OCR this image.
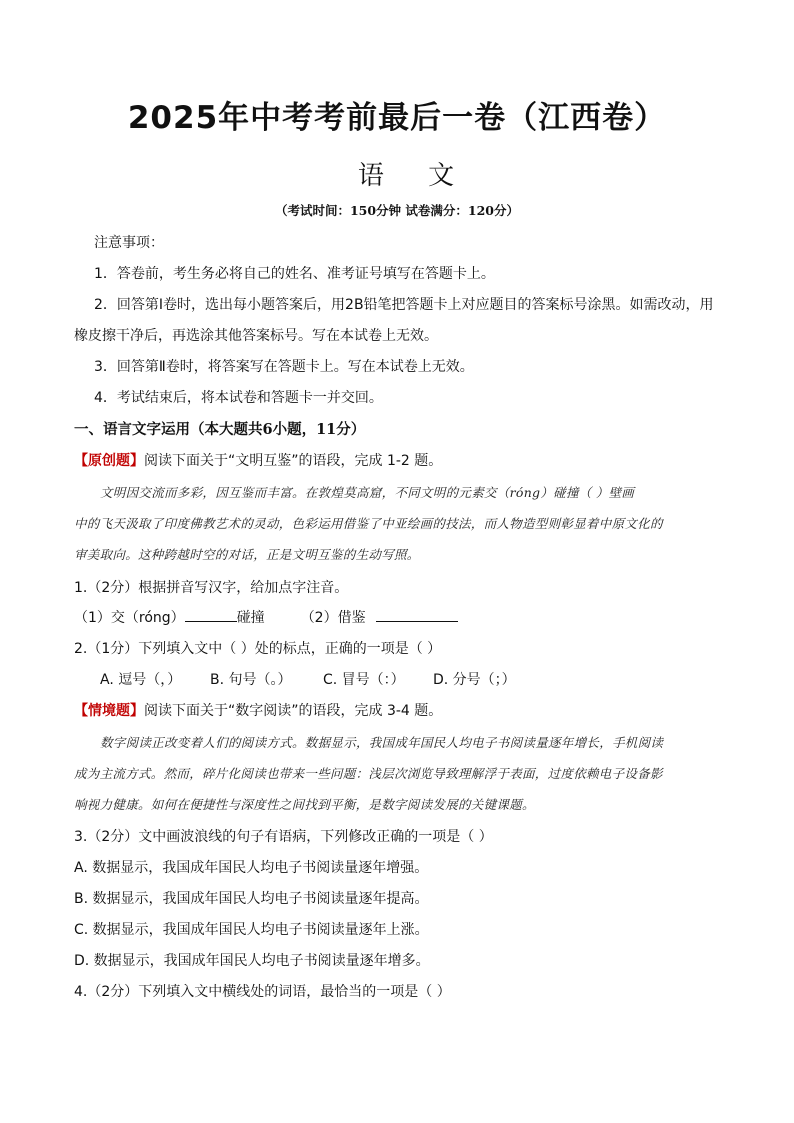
2025年中考考前最后一卷（江西卷）
语 文
（考试时间：150分钟 试卷满分：120分）
注意事项：
1．答卷前，考生务必将自己的姓名、准考证号填写在答题卡上。
2．回答第Ⅰ卷时，选出每小题答案后，用2B铅笔把答题卡上对应题目的答案标号涂黑。如需改动，用
橡皮擦干净后，再选涂其他答案标号。写在本试卷上无效。
3．回答第Ⅱ卷时，将答案写在答题卡上。写在本试卷上无效。
4．考试结束后，将本试卷和答题卡一并交回。
一、语言文字运用（本大题共6小题，11分）
【原创题】阅读下面关于“文明互鉴”的语段，完成 1-2 题。
文明因交流而多彩，因互鉴而丰富。在敦煌莫高窟，不同文明的元素交（róng）碰撞（ ）壁画
中的飞天汲取了印度佛教艺术的灵动，色彩运用借鉴了中亚绘画的技法，而人物造型则彰显着中原文化的
审美取向。这种跨越时空的对话，正是文明互鉴的生动写照。
1.（2分）根据拼音写汉字，给加点字注音。
（1）交（róng）	碰撞	（2）借鉴
2.（1分）下列填入文中（ ）处的标点，正确的一项是（ ）
A. 逗号（，） B. 句号（。） C. 冒号（：） D. 分号（；）
【情境题】阅读下面关于“数字阅读”的语段，完成 3-4 题。
数字阅读正改变着人们的阅读方式。数据显示，我国成年国民人均电子书阅读量逐年增长，手机阅读
成为主流方式。然而，碎片化阅读也带来一些问题：浅层次浏览导致理解浮于表面，过度依赖电子设备影
响视力健康。如何在便捷性与深度性之间找到平衡，是数字阅读发展的关键课题。
3.（2分）文中画波浪线的句子有语病，下列修改正确的一项是（ ）
A. 数据显示，我国成年国民人均电子书阅读量逐年增强。
B. 数据显示，我国成年国民人均电子书阅读量逐年提高。
C. 数据显示，我国成年国民人均电子书阅读量逐年上涨。
D. 数据显示，我国成年国民人均电子书阅读量逐年增多。
4.（2分）下列填入文中横线处的词语，最恰当的一项是（ ）
